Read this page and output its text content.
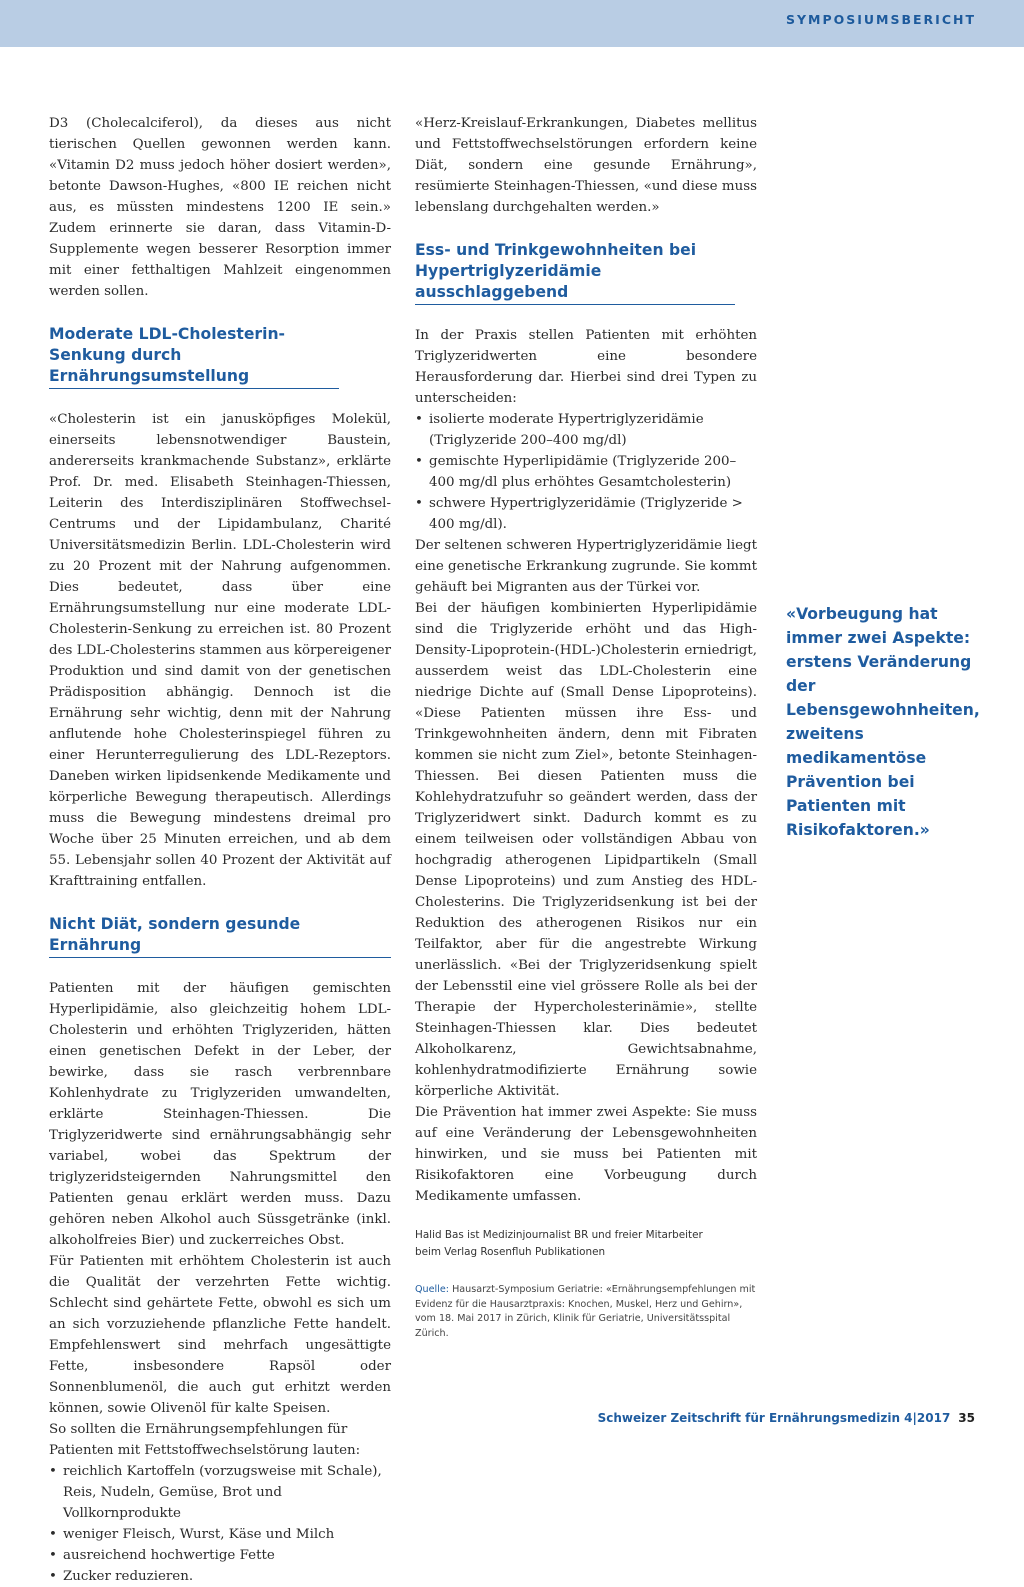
SYMPOSIUMSBERICHT

D3 (Cholecalciferol), da dieses aus nicht tierischen Quellen gewonnen werden kann. «Vitamin D2 muss jedoch höher dosiert werden», betonte Dawson-Hughes, «800 IE reichen nicht aus, es müssten mindestens 1200 IE sein.» Zudem erinnerte sie daran, dass Vitamin-D-Supplemente wegen besserer Resorption immer mit einer fetthaltigen Mahlzeit eingenommen werden sollen.

Moderate LDL-Cholesterin-Senkung durch Ernährungsumstellung

«Cholesterin ist ein janusköpfiges Molekül, einerseits lebensnotwendiger Baustein, andererseits krankmachende Substanz», erklärte Prof. Dr. med. Elisabeth Steinhagen-Thiessen, Leiterin des Interdisziplinären Stoffwechsel-Centrums und der Lipidambulanz, Charité Universitätsmedizin Berlin. LDL-Cholesterin wird zu 20 Prozent mit der Nahrung aufgenommen. Dies bedeutet, dass über eine Ernährungsumstellung nur eine moderate LDL-Cholesterin-Senkung zu erreichen ist. 80 Prozent des LDL-Cholesterins stammen aus körpereigener Produktion und sind damit von der genetischen Prädisposition abhängig. Dennoch ist die Ernährung sehr wichtig, denn mit der Nahrung anflutende hohe Cholesterinspiegel führen zu einer Herunterregulierung des LDL-Rezeptors. Daneben wirken lipidsenkende Medikamente und körperliche Bewegung therapeutisch. Allerdings muss die Bewegung mindestens dreimal pro Woche über 25 Minuten erreichen, und ab dem 55. Lebensjahr sollen 40 Prozent der Aktivität auf Krafttraining entfallen.

Nicht Diät, sondern gesunde Ernährung

Patienten mit der häufigen gemischten Hyperlipidämie, also gleichzeitig hohem LDL-Cholesterin und erhöhten Triglyzeriden, hätten einen genetischen Defekt in der Leber, der bewirke, dass sie rasch verbrennbare Kohlenhydrate zu Triglyzeriden umwandelten, erklärte Steinhagen-Thiessen. Die Triglyzeridwerte sind ernährungsabhängig sehr variabel, wobei das Spektrum der triglyzeridsteigernden Nahrungsmittel den Patienten genau erklärt werden muss. Dazu gehören neben Alkohol auch Süssgetränke (inkl. alkoholfreies Bier) und zuckerreiches Obst.

Für Patienten mit erhöhtem Cholesterin ist auch die Qualität der verzehrten Fette wichtig. Schlecht sind gehärtete Fette, obwohl es sich um an sich vorzuziehende pflanzliche Fette handelt. Empfehlenswert sind mehrfach ungesättigte Fette, insbesondere Rapsöl oder Sonnenblumenöl, die auch gut erhitzt werden können, sowie Olivenöl für kalte Speisen.

So sollten die Ernährungsempfehlungen für Patienten mit Fettstoffwechselstörung lauten:

• reichlich Kartoffeln (vorzugsweise mit Schale), Reis, Nudeln, Gemüse, Brot und Vollkornprodukte
• weniger Fleisch, Wurst, Käse und Milch
• ausreichend hochwertige Fette
• Zucker reduzieren.

«Herz-Kreislauf-Erkrankungen, Diabetes mellitus und Fettstoffwechselstörungen erfordern keine Diät, sondern eine gesunde Ernährung», resümierte Steinhagen-Thiessen, «und diese muss lebenslang durchgehalten werden.»

Ess- und Trinkgewohnheiten bei Hypertriglyzeridämie ausschlaggebend

In der Praxis stellen Patienten mit erhöhten Triglyzeridwerten eine besondere Herausforderung dar. Hierbei sind drei Typen zu unterscheiden:

• isolierte moderate Hypertriglyzeridämie (Triglyzeride 200–400 mg/dl)
• gemischte Hyperlipidämie (Triglyzeride 200–400 mg/dl plus erhöhtes Gesamtcholesterin)
• schwere Hypertriglyzeridämie (Triglyzeride > 400 mg/dl).

Der seltenen schweren Hypertriglyzeridämie liegt eine genetische Erkrankung zugrunde. Sie kommt gehäuft bei Migranten aus der Türkei vor.

Bei der häufigen kombinierten Hyperlipidämie sind die Triglyzeride erhöht und das High-Density-Lipoprotein-(HDL-)Cholesterin erniedrigt, ausserdem weist das LDL-Cholesterin eine niedrige Dichte auf (Small Dense Lipoproteins). «Diese Patienten müssen ihre Ess- und Trinkgewohnheiten ändern, denn mit Fibraten kommen sie nicht zum Ziel», betonte Steinhagen-Thiessen. Bei diesen Patienten muss die Kohlehydratzufuhr so geändert werden, dass der Triglyzeridwert sinkt. Dadurch kommt es zu einem teilweisen oder vollständigen Abbau von hochgradig atherogenen Lipidpartikeln (Small Dense Lipoproteins) und zum Anstieg des HDL-Cholesterins. Die Triglyzeridsenkung ist bei der Reduktion des atherogenen Risikos nur ein Teilfaktor, aber für die angestrebte Wirkung unerlässlich. «Bei der Triglyzeridsenkung spielt der Lebensstil eine viel grössere Rolle als bei der Therapie der Hypercholesterinämie», stellte Steinhagen-Thiessen klar. Dies bedeutet Alkoholkarenz, Gewichtsabnahme, kohlenhydratmodifizierte Ernährung sowie körperliche Aktivität.

Die Prävention hat immer zwei Aspekte: Sie muss auf eine Veränderung der Lebensgewohnheiten hinwirken, und sie muss bei Patienten mit Risikofaktoren eine Vorbeugung durch Medikamente umfassen.

Halid Bas ist Medizinjournalist BR und freier Mitarbeiter
beim Verlag Rosenfluh Publikationen
Quelle: Hausarzt-Symposium Geriatrie: «Ernährungsempfehlungen mit Evidenz für die Hausarztpraxis: Knochen, Muskel, Herz und Gehirn», vom 18. Mai 2017 in Zürich, Klinik für Geriatrie, Universitätsspital Zürich.
«Vorbeugung hat immer zwei Aspekte: erstens Veränderung der Lebensgewohnheiten, zweitens medikamentöse Prävention bei Patienten mit Risikofaktoren.»
Schweizer Zeitschrift für Ernährungsmedizin 4|2017 35
